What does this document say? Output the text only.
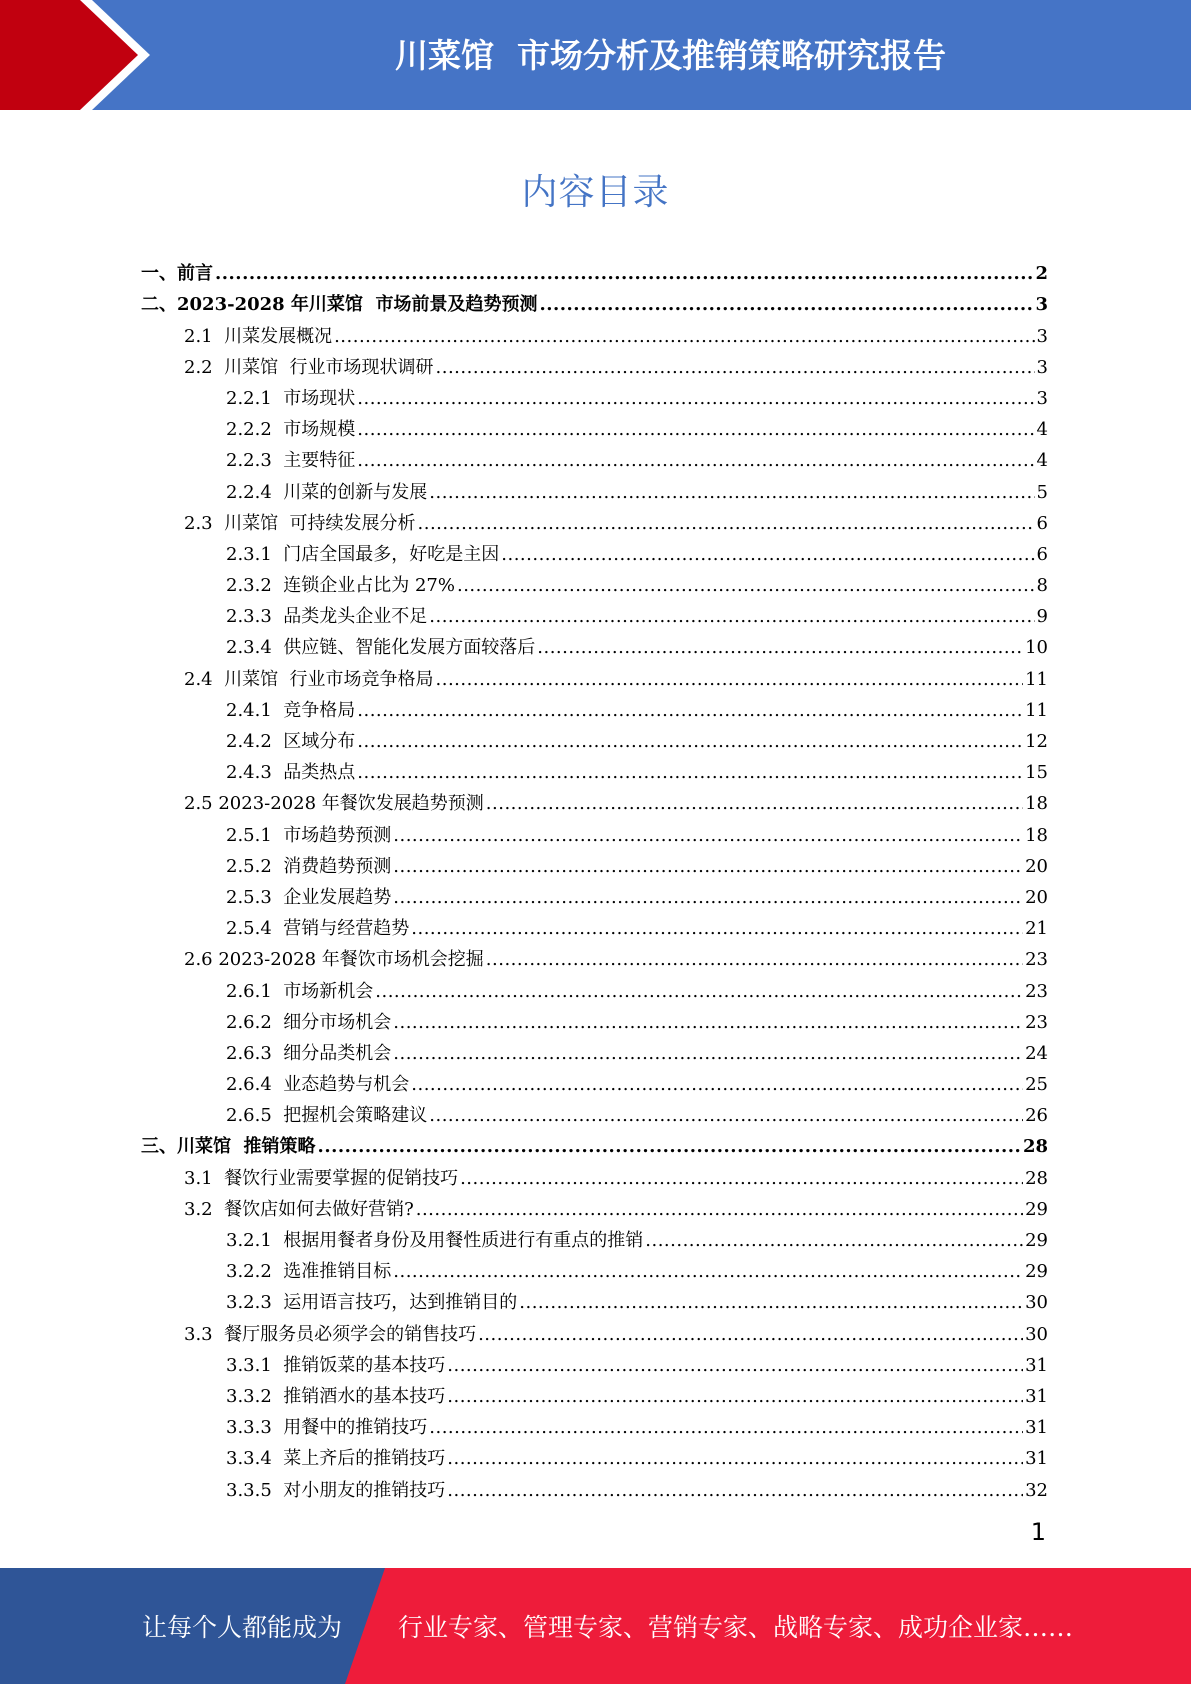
川菜馆  市场分析及推销策略研究报告
内容目录
一、前言 .....	2
二、2023-2028 年川菜馆  市场前景及趋势预测 .....	3
2.1  川菜发展概况 .....	3
2.2  川菜馆  行业市场现状调研 .....	3
2.2.1  市场现状 .....	3
2.2.2  市场规模 .....	4
2.2.3  主要特征 .....	4
2.2.4  川菜的创新与发展 .....	5
2.3  川菜馆  可持续发展分析 .....	6
2.3.1  门店全国最多，好吃是主因 .....	6
2.3.2  连锁企业占比为 27% .....	8
2.3.3  品类龙头企业不足 .....	9
2.3.4  供应链、智能化发展方面较落后 .....	10
2.4  川菜馆  行业市场竞争格局 .....	11
2.4.1  竞争格局 .....	11
2.4.2  区域分布 .....	12
2.4.3  品类热点 .....	15
2.5 2023-2028 年餐饮发展趋势预测 .....	18
2.5.1  市场趋势预测 .....	18
2.5.2  消费趋势预测 .....	20
2.5.3  企业发展趋势 .....	20
2.5.4  营销与经营趋势 .....	21
2.6 2023-2028 年餐饮市场机会挖掘 .....	23
2.6.1  市场新机会 .....	23
2.6.2  细分市场机会 .....	23
2.6.3  细分品类机会 .....	24
2.6.4  业态趋势与机会 .....	25
2.6.5  把握机会策略建议 .....	26
三、川菜馆  推销策略 .....	28
3.1  餐饮行业需要掌握的促销技巧 .....	28
3.2  餐饮店如何去做好营销? .....	29
3.2.1  根据用餐者身份及用餐性质进行有重点的推销 .....	29
3.2.2  选准推销目标 .....	29
3.2.3  运用语言技巧，达到推销目的 .....	30
3.3  餐厅服务员必须学会的销售技巧 .....	30
3.3.1  推销饭菜的基本技巧 .....	31
3.3.2  推销酒水的基本技巧 .....	31
3.3.3  用餐中的推销技巧 .....	31
3.3.4  菜上齐后的推销技巧 .....	31
3.3.5  对小朋友的推销技巧 .....	32
1
让每个人都能成为 行业专家、管理专家、营销专家、战略专家、成功企业家……
